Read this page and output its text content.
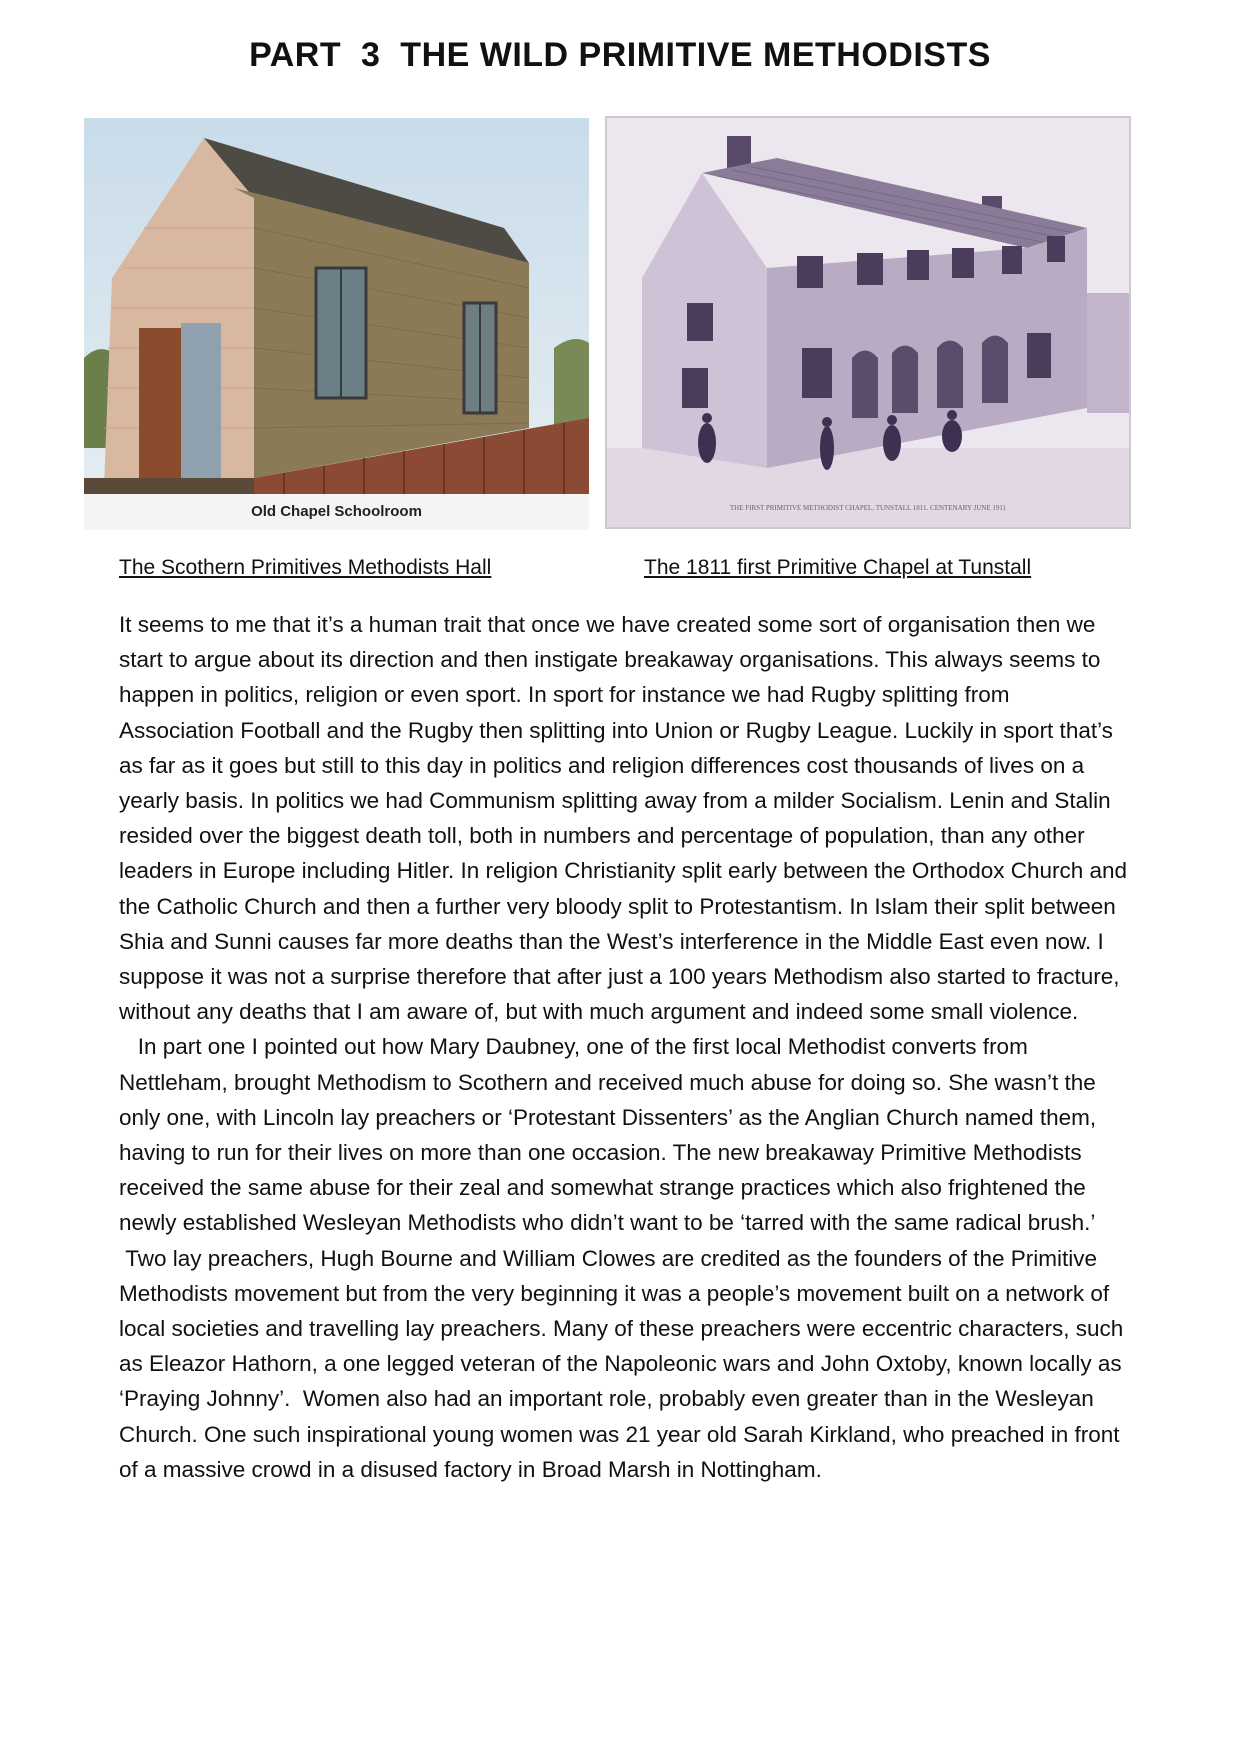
PART  3  THE WILD PRIMITIVE METHODISTS
Old Chapel Schoolroom	THE FIRST PRIMITIVE METHODIST CHAPEL, TUNSTALL 1811. CENTENARY JUNE 1911
The Scothern Primitives Methodists Hall	The 1811 first Primitive Chapel at Tunstall

It seems to me that it’s a human trait that once we have created some sort of organisation then we start to argue about its direction and then instigate breakaway organisations. This always seems to happen in politics, religion or even sport. In sport for instance we had Rugby splitting from Association Football and the Rugby then splitting into Union or Rugby League. Luckily in sport that’s as far as it goes but still to this day in politics and religion differences cost thousands of lives on a yearly basis. In politics we had Communism splitting away from a milder Socialism. Lenin and Stalin resided over the biggest death toll, both in numbers and percentage of population, than any other leaders in Europe including Hitler. In religion Christianity split early between the Orthodox Church and the Catholic Church and then a further very bloody split to Protestantism. In Islam their split between Shia and Sunni causes far more deaths than the West’s interference in the Middle East even now. I suppose it was not a surprise therefore that after just a 100 years Methodism also started to fracture, without any deaths that I am aware of, but with much argument and indeed some small violence.

In part one I pointed out how Mary Daubney, one of the first local Methodist converts from Nettleham, brought Methodism to Scothern and received much abuse for doing so. She wasn’t the only one, with Lincoln lay preachers or ‘Protestant Dissenters’ as the Anglian Church named them, having to run for their lives on more than one occasion. The new breakaway Primitive Methodists received the same abuse for their zeal and somewhat strange practices which also frightened the newly established Wesleyan Methodists who didn’t want to be ‘tarred with the same radical brush.’

Two lay preachers, Hugh Bourne and William Clowes are credited as the founders of the Primitive Methodists movement but from the very beginning it was a people’s movement built on a network of local societies and travelling lay preachers. Many of these preachers were eccentric characters, such as Eleazor Hathorn, a one legged veteran of the Napoleonic wars and John Oxtoby, known locally as ‘Praying Johnny’.  Women also had an important role, probably even greater than in the Wesleyan Church. One such inspirational young women was 21 year old Sarah Kirkland, who preached in front of a massive crowd in a disused factory in Broad Marsh in Nottingham.
